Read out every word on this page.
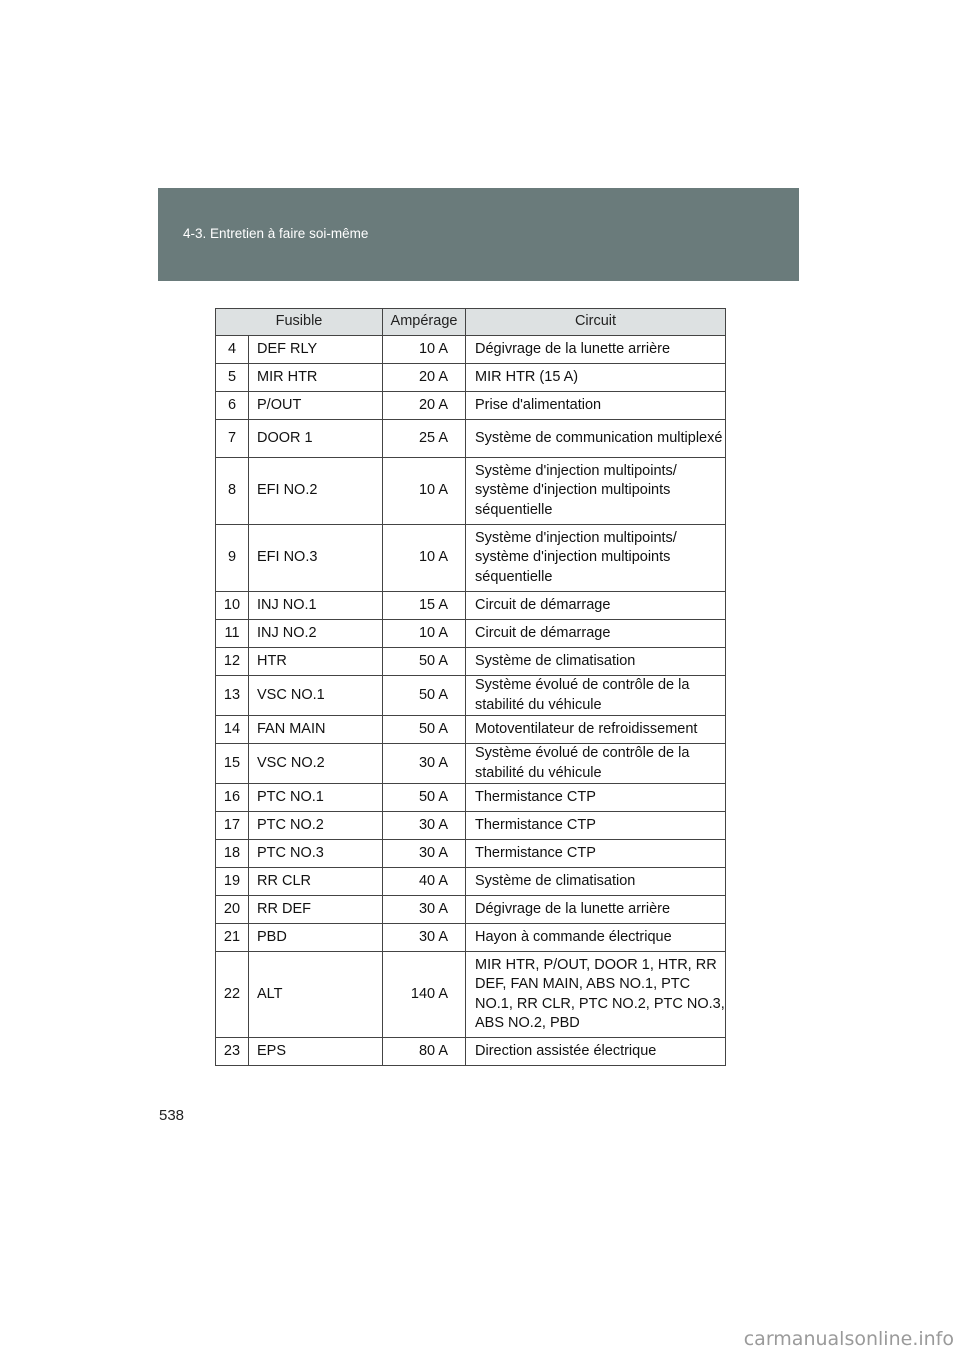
4-3. Entretien à faire soi-même
Fusible		Ampérage	Circuit
4	DEF RLY	10 A	Dégivrage de la lunette arrière
5	MIR HTR	20 A	MIR HTR (15 A)
6	P/OUT	20 A	Prise d'alimentation
7	DOOR 1	25 A	Système de communication multiplexé
8	EFI NO.2	10 A	Système d'injection multipoints/ système d'injection multipoints séquentielle
9	EFI NO.3	10 A	Système d'injection multipoints/ système d'injection multipoints séquentielle
10	INJ NO.1	15 A	Circuit de démarrage
11	INJ NO.2	10 A	Circuit de démarrage
12	HTR	50 A	Système de climatisation
13	VSC NO.1	50 A	Système évolué de contrôle de la stabilité du véhicule
14	FAN MAIN	50 A	Motoventilateur de refroidissement
15	VSC NO.2	30 A	Système évolué de contrôle de la stabilité du véhicule
16	PTC NO.1	50 A	Thermistance CTP
17	PTC NO.2	30 A	Thermistance CTP
18	PTC NO.3	30 A	Thermistance CTP
19	RR CLR	40 A	Système de climatisation
20	RR DEF	30 A	Dégivrage de la lunette arrière
21	PBD	30 A	Hayon à commande électrique
22	ALT	140 A	MIR HTR, P/OUT, DOOR 1, HTR, RR DEF, FAN MAIN, ABS NO.1, PTC NO.1, RR CLR, PTC NO.2, PTC NO.3, ABS NO.2, PBD
23	EPS	80 A	Direction assistée électrique
538
carmanualsonline.info
